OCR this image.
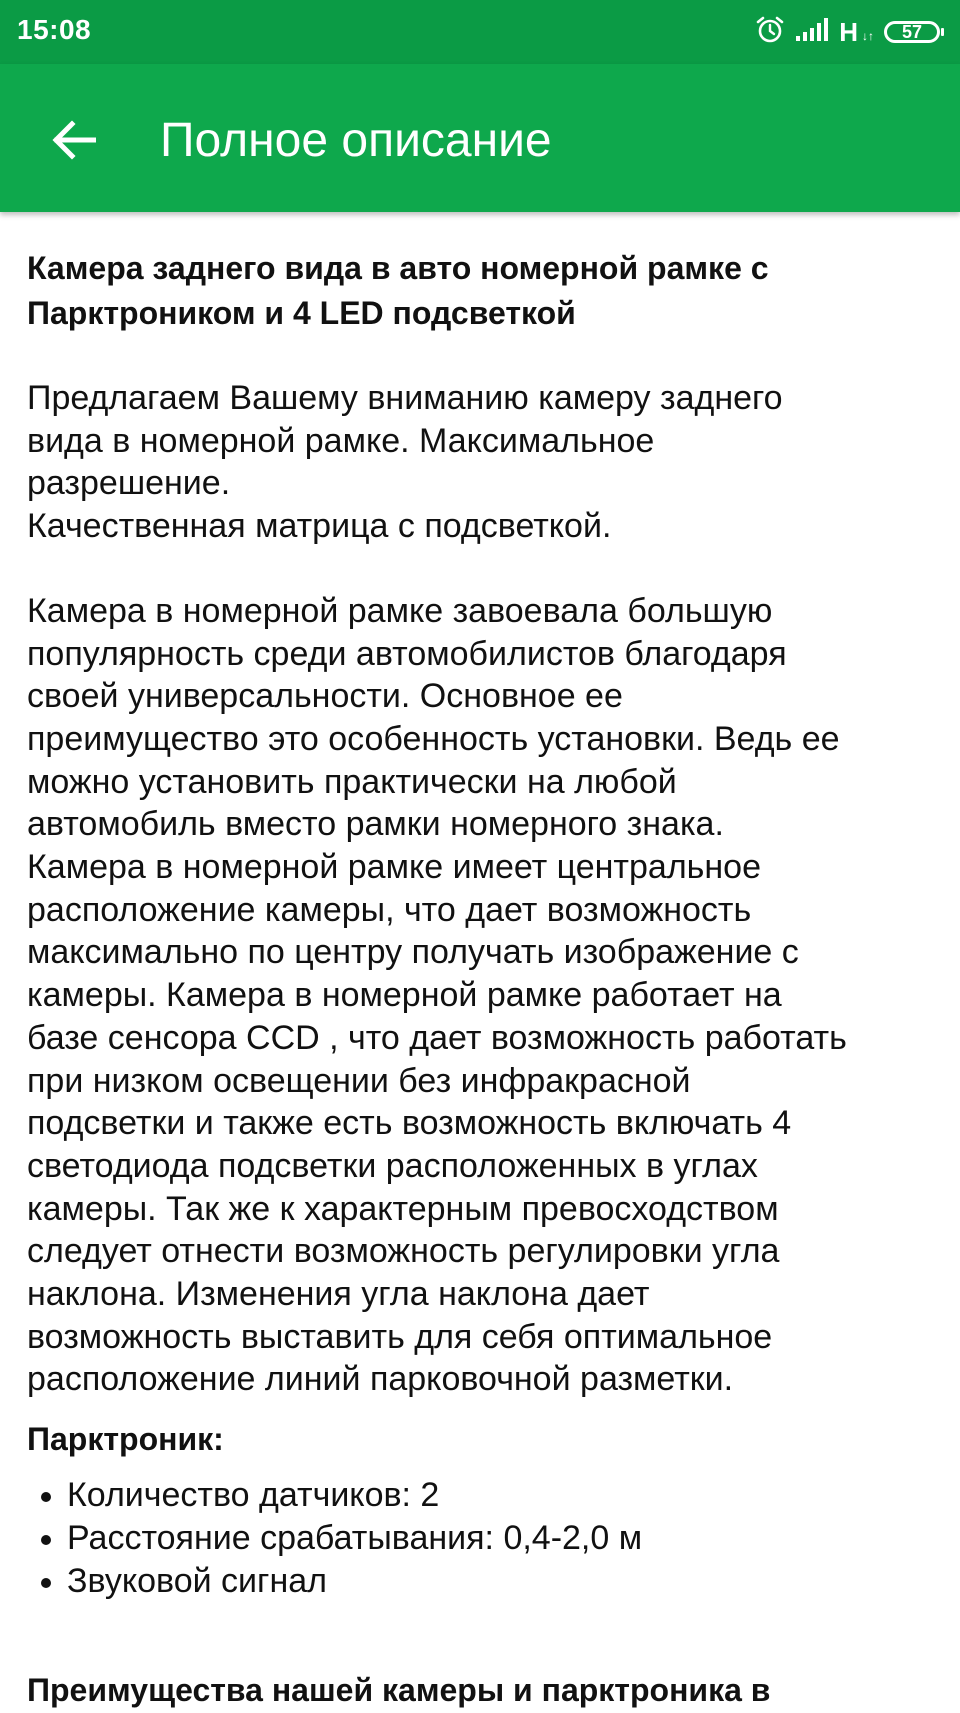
15:08	H ↓↑ 57
Полное описание
Камера заднего вида в авто номерной рамке с Парктроником и 4 LED подсветкой

Предлагаем Вашему вниманию камеру заднего
вида в номерной рамке. Максимальное
разрешение.
Качественная матрица с подсветкой.

Камера в номерной рамке завоевала большую
популярность среди автомобилистов благодаря
своей универсальности. Основное ее
преимущество это особенность установки. Ведь ее
можно установить практически на любой
автомобиль вместо рамки номерного знака.
Камера в номерной рамке имеет центральное
расположение камеры, что дает возможность
максимально по центру получать изображение с
камеры. Камера в номерной рамке работает на
базе сенсора CCD , что дает возможность работать
при низком освещении без инфракрасной
подсветки и также есть возможность включать 4
светодиода подсветки расположенных в углах
камеры. Так же к характерным превосходством
следует отнести возможность регулировки угла
наклона. Изменения угла наклона дает
возможность выставить для себя оптимальное
расположение линий парковочной разметки.

Парктроник:
Количество датчиков: 2
Расстояние срабатывания: 0,4-2,0 м
Звуковой сигнал
Преимущества нашей камеры и парктроника в
